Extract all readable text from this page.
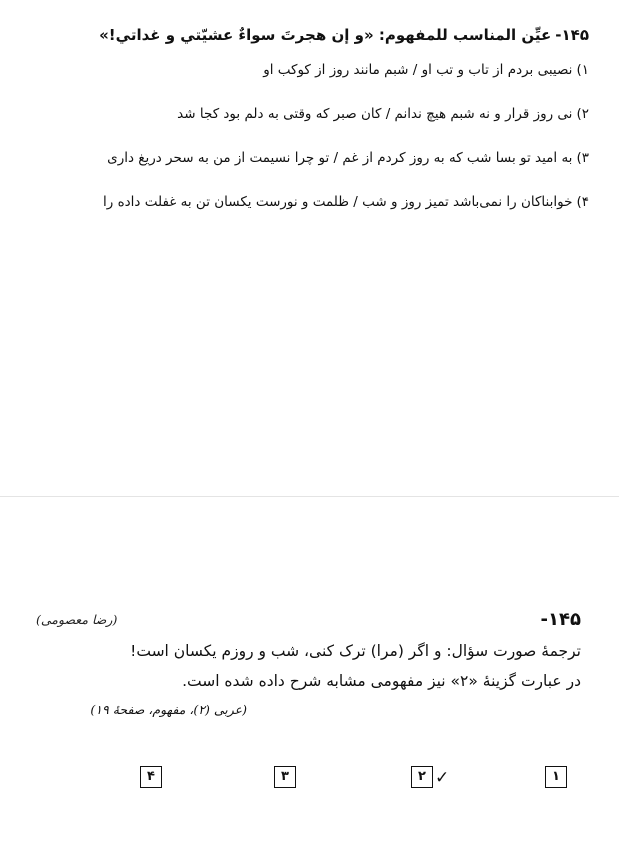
۱۴۵-عیِّن المناسب للمفهوم: «و إن هجرتَ سواءٌ عشیّتي و غداتي!»
۱)نصیبی بردم از تاب و تب او / شبم مانند روز از کوکب او
۲)نی روز قرار و نه شبم هیچ ندانم / کان صبر که وقتی به دلم بود کجا شد
۳)به امید تو بسا شب که به روز کردم از غم / تو چرا نسیمت از من به سحر دریغ داری
۴)خوابناکان را نمی‌باشد تمیز روز و شب / ظلمت و نورست یکسان تن به غفلت داده را
۱۴۵-
(رضا معصومی)
ترجمهٔ صورت سؤال: و اگر (مرا) ترک کنی، شب و روزم یکسان است!
در عبارت گزینهٔ «۲» نیز مفهومی مشابه شرح داده شده است.
(عربی (۲)، مفهوم، صفحهٔ ۱۹)
۴	۳	۲ ✓	۱
